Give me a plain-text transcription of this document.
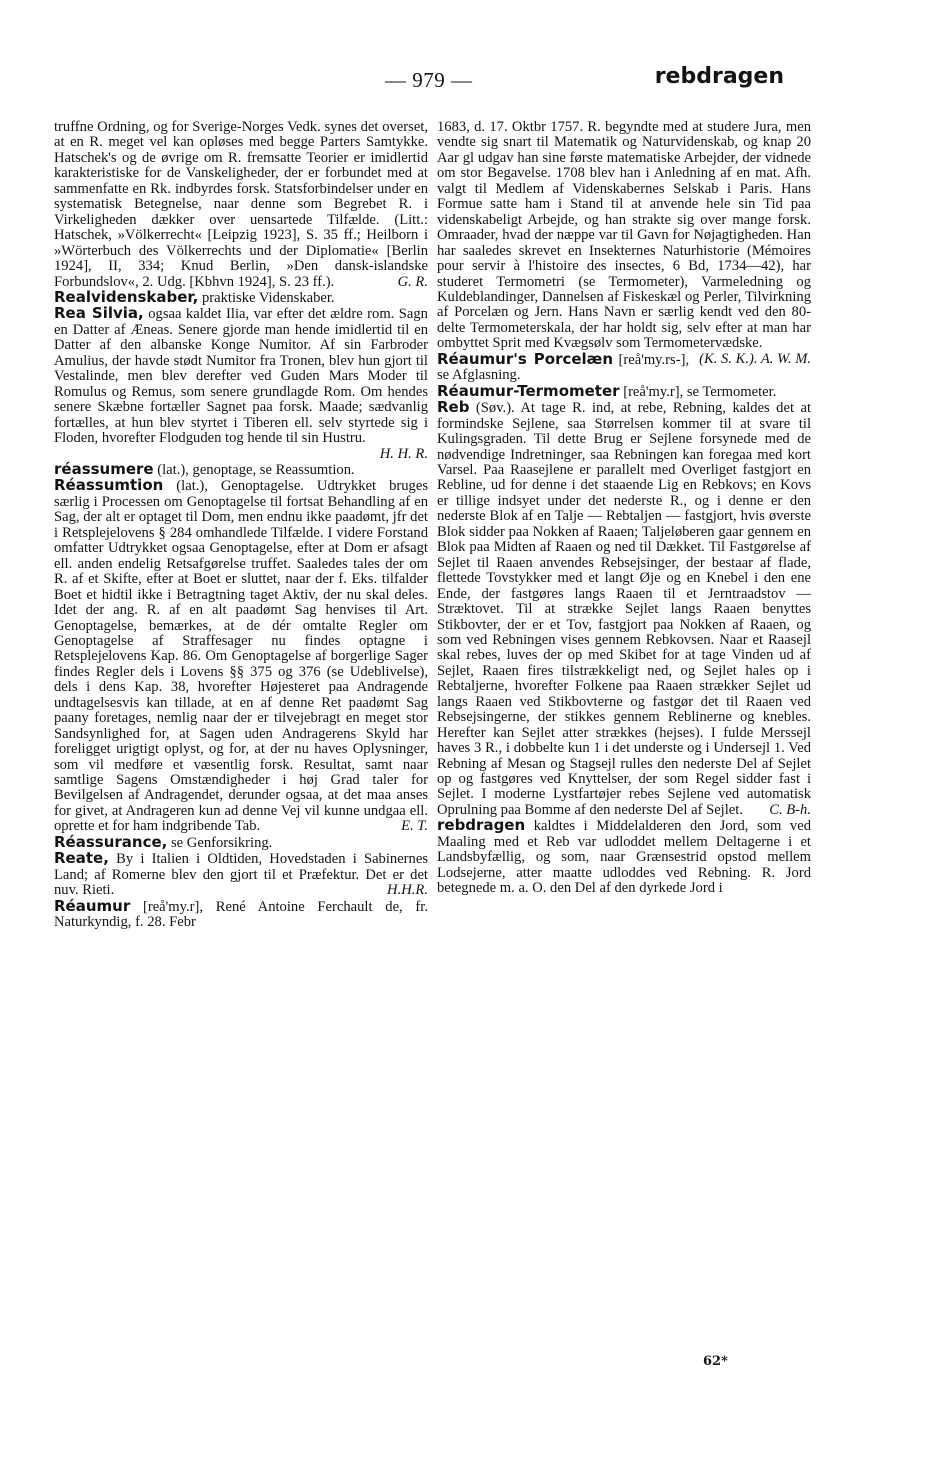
— 979 —	rebdragen

truffne Ordning, og for Sverige-Norges Vedk. synes det overset, at en R. meget vel kan opløses med begge Parters Samtykke. Hatschek's og de øvrige om R. fremsatte Teorier er imidlertid karakteristiske for de Vanskeligheder, der er forbundet med at sammenfatte en Rk. indbyrdes forsk. Statsforbindelser under en systematisk Betegnelse, naar denne som Begrebet R. i Virkeligheden dækker over uensartede Tilfælde. (Litt.: Hatschek, »Völkerrecht« [Leipzig 1923], S. 35 ff.; Heilborn i »Wörterbuch des Völkerrechts und der Diplomatie« [Berlin 1924], II, 334; Knud Berlin, »Den dansk-islandske Forbundslov«, 2. Udg. [Kbhvn 1924], S. 23 ff.).	G. R.

Realvidenskaber, praktiske Videnskaber.

Rea Silvia, ogsaa kaldet Ilia, var efter det ældre rom. Sagn en Datter af Æneas. Senere gjorde man hende imidlertid til en Datter af den albanske Konge Numitor. Af sin Farbroder Amulius, der havde stødt Numitor fra Tronen, blev hun gjort til Vestalinde, men blev derefter ved Guden Mars Moder til Romulus og Remus, som senere grundlagde Rom. Om hendes senere Skæbne fortæller Sagnet paa forsk. Maade; sædvanlig fortælles, at hun blev styrtet i Tiberen ell. selv styrtede sig i Floden, hvorefter Flodguden tog hende til sin Hustru.

H. H. R.

réassumere (lat.), genoptage, se Reassumtion.

Réassumtion (lat.), Genoptagelse. Udtrykket bruges særlig i Processen om Genoptagelse til fortsat Behandling af en Sag, der alt er optaget til Dom, men endnu ikke paadømt, jfr det i Retsplejelovens § 284 omhandlede Tilfælde. I videre Forstand omfatter Udtrykket ogsaa Genoptagelse, efter at Dom er afsagt ell. anden endelig Retsafgørelse truffet. Saaledes tales der om R. af et Skifte, efter at Boet er sluttet, naar der f. Eks. tilfalder Boet et hidtil ikke i Betragtning taget Aktiv, der nu skal deles. Idet der ang. R. af en alt paadømt Sag henvises til Art. Genoptagelse, bemærkes, at de dér omtalte Regler om Genoptagelse af Straffesager nu findes optagne i Retsplejelovens Kap. 86. Om Genoptagelse af borgerlige Sager findes Regler dels i Lovens §§ 375 og 376 (se Udeblivelse), dels i dens Kap. 38, hvorefter Højesteret paa Andragende undtagelsesvis kan tillade, at en af denne Ret paadømt Sag paany foretages, nemlig naar der er tilvejebragt en meget stor Sandsynlighed for, at Sagen uden Andragerens Skyld har foreligget urigtigt oplyst, og for, at der nu haves Oplysninger, som vil medføre et væsentlig forsk. Resultat, samt naar samtlige Sagens Omstændigheder i høj Grad taler for Bevilgelsen af Andragendet, derunder ogsaa, at det maa anses for givet, at Andrageren kun ad denne Vej vil kunne undgaa ell. oprette et for ham indgribende Tab.	E. T.

Réassurance, se Genforsikring.

Reate, By i Italien i Oldtiden, Hovedstaden i Sabinernes Land; af Romerne blev den gjort til et Præfektur. Det er det nuv. Rieti.	H.H.R.

Réaumur [reå'my.r], René Antoine Ferchault de, fr. Naturkyndig, f. 28. Febr

1683, d. 17. Oktbr 1757. R. begyndte med at studere Jura, men vendte sig snart til Matematik og Naturvidenskab, og knap 20 Aar gl udgav han sine første matematiske Arbejder, der vidnede om stor Begavelse. 1708 blev han i Anledning af en mat. Afh. valgt til Medlem af Videnskabernes Selskab i Paris. Hans Formue satte ham i Stand til at anvende hele sin Tid paa videnskabeligt Arbejde, og han strakte sig over mange forsk. Omraader, hvad der næppe var til Gavn for Nøjagtigheden. Han har saaledes skrevet en Insekternes Naturhistorie (Mémoires pour servir à l'histoire des insectes, 6 Bd, 1734—42), har studeret Termometri (se Termometer), Varmeledning og Kuldeblandinger, Dannelsen af Fiskeskæl og Perler, Tilvirkning af Porcelæn og Jern. Hans Navn er særlig kendt ved den 80-delte Termometerskala, der har holdt sig, selv efter at man har ombyttet Sprit med Kvægsølv som Termometervædske.
(K. S. K.). A. W. M.

Réaumur's Porcelæn [reå'my.rs-], se Afglasning.

Réaumur-Termometer [reå'my.r], se Termometer.

Reb (Søv.). At tage R. ind, at rebe, Rebning, kaldes det at formindske Sejlene, saa Størrelsen kommer til at svare til Kulingsgraden. Til dette Brug er Sejlene forsynede med de nødvendige Indretninger, saa Rebningen kan foregaa med kort Varsel. Paa Raasejlene er parallelt med Overliget fastgjort en Rebline, ud for denne i det staaende Lig en Rebkovs; en Kovs er tillige indsyet under det nederste R., og i denne er den nederste Blok af en Talje — Rebtaljen — fastgjort, hvis øverste Blok sidder paa Nokken af Raaen; Taljeløberen gaar gennem en Blok paa Midten af Raaen og ned til Dækket. Til Fastgørelse af Sejlet til Raaen anvendes Rebsejsinger, der bestaar af flade, flettede Tovstykker med et langt Øje og en Knebel i den ene Ende, der fastgøres langs Raaen til et Jerntraadstov — Stræktovet. Til at strække Sejlet langs Raaen benyttes Stikbovter, der er et Tov, fastgjort paa Nokken af Raaen, og som ved Rebningen vises gennem Rebkovsen. Naar et Raasejl skal rebes, luves der op med Skibet for at tage Vinden ud af Sejlet, Raaen fires tilstrækkeligt ned, og Sejlet hales op i Rebtaljerne, hvorefter Folkene paa Raaen strækker Sejlet ud langs Raaen ved Stikbovterne og fastgør det til Raaen ved Rebsejsingerne, der stikkes gennem Reblinerne og knebles. Herefter kan Sejlet atter strækkes (hejses). I fulde Merssejl haves 3 R., i dobbelte kun 1 i det underste og i Undersejl 1. Ved Rebning af Mesan og Stagsejl rulles den nederste Del af Sejlet op og fastgøres ved Knyttelser, der som Regel sidder fast i Sejlet. I moderne Lystfartøjer rebes Sejlene ved automatisk Oprulning paa Bomme af den nederste Del af Sejlet.	C. B-h.

rebdragen kaldtes i Middelalderen den Jord, som ved Maaling med et Reb var udloddet mellem Deltagerne i et Landsbyfællig, og som, naar Grænsestrid opstod mellem Lodsejerne, atter maatte udloddes ved Rebning. R. Jord betegnede m. a. O. den Del af den dyrkede Jord i

62*
